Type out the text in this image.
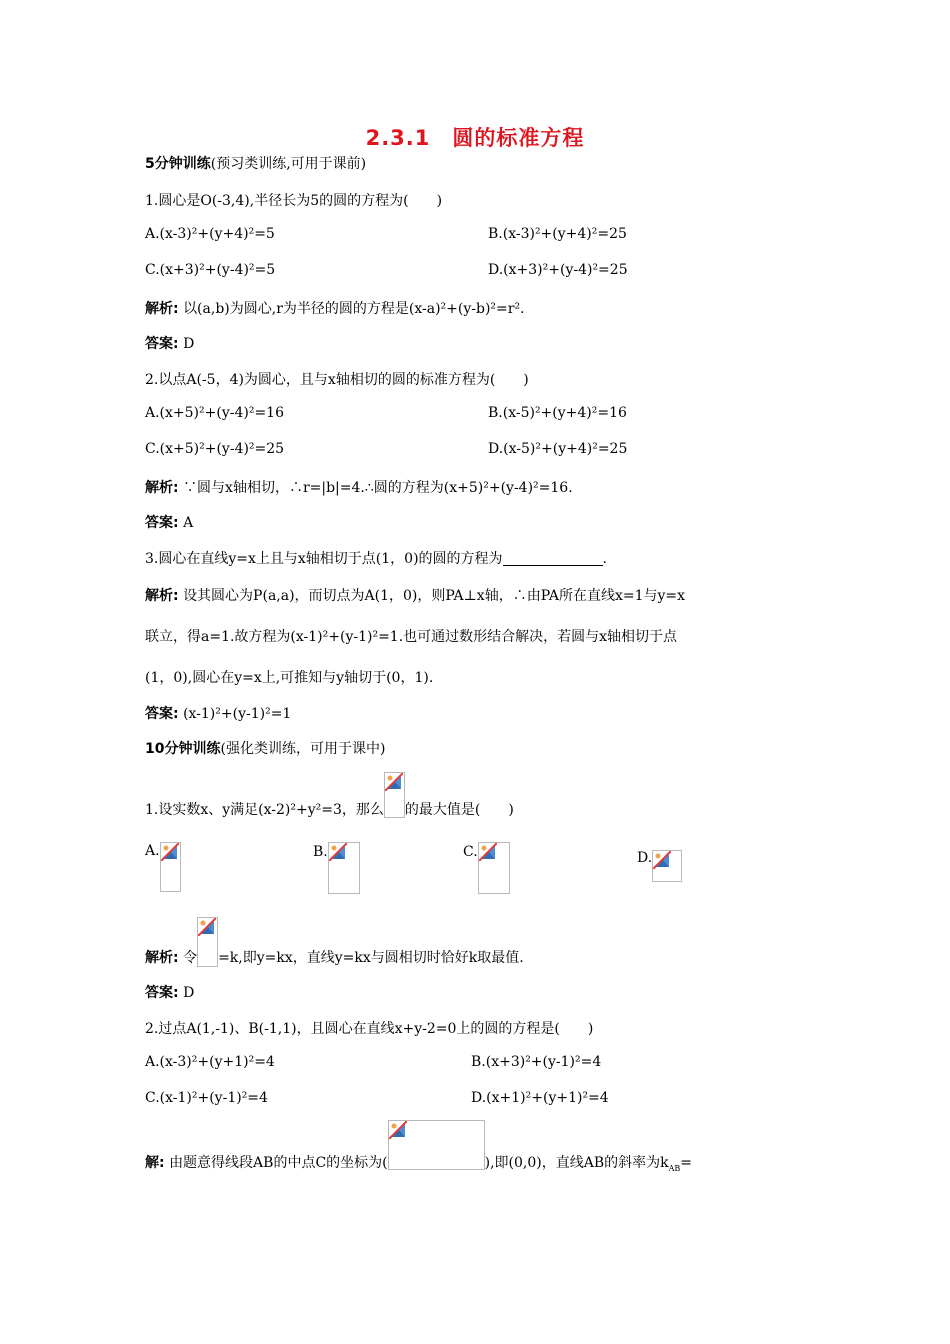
2.3.1　圆的标准方程
5分钟训练(预习类训练,可用于课前)
1.圆心是O(-3,4),半径长为5的圆的方程为(　　)
A.(x-3)²+(y+4)²=5	B.(x-3)²+(y+4)²=25
C.(x+3)²+(y-4)²=5	D.(x+3)²+(y-4)²=25
解析: 以(a,b)为圆心,r为半径的圆的方程是(x-a)²+(y-b)²=r².
答案: D
2.以点A(-5，4)为圆心，且与x轴相切的圆的标准方程为(　　)
A.(x+5)²+(y-4)²=16	B.(x-5)²+(y+4)²=16
C.(x+5)²+(y-4)²=25	D.(x-5)²+(y+4)²=25
解析: ∵圆与x轴相切，∴r=|b|=4.∴圆的方程为(x+5)²+(y-4)²=16.
答案: A
3.圆心在直线y=x上且与x轴相切于点(1，0)的圆的方程为	.
解析: 设其圆心为P(a,a)，而切点为A(1，0)，则PA⊥x轴，∴由PA所在直线x=1与y=x
联立，得a=1.故方程为(x-1)²+(y-1)²=1.也可通过数形结合解决，若圆与x轴相切于点
(1，0),圆心在y=x上,可推知与y轴切于(0，1).
答案: (x-1)²+(y-1)²=1
10分钟训练(强化类训练，可用于课中)
1.设实数x、y满足(x-2)²+y²=3，那么 的最大值是(　　)
A.	B.	C.	D.
解析: 令 =k,即y=kx，直线y=kx与圆相切时恰好k取最值.
答案: D
2.过点A(1,-1)、B(-1,1)，且圆心在直线x+y-2=0上的圆的方程是(　　)
A.(x-3)²+(y+1)²=4	B.(x+3)²+(y-1)²=4
C.(x-1)²+(y-1)²=4	D.(x+1)²+(y+1)²=4
解: 由题意得线段AB的中点C的坐标为(	),即(0,0)，直线AB的斜率为$k_{AB}=$
